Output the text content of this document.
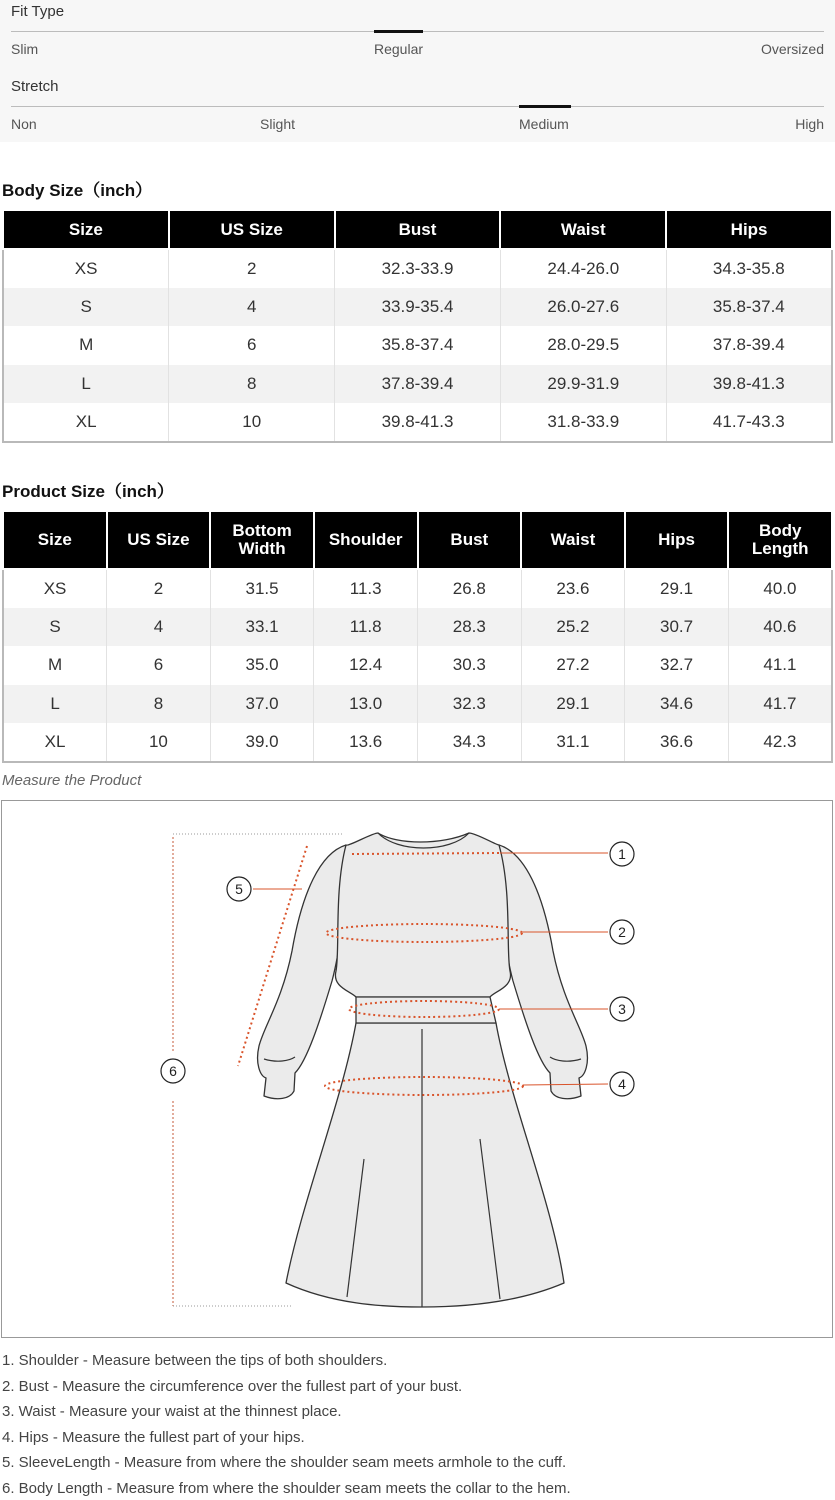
Fit Type
Slim	Regular	Oversized
Stretch
Non	Slight	Medium	High
Body Size（inch）
Size	US Size	Bust	Waist	Hips
XS	2	32.3-33.9	24.4-26.0	34.3-35.8
S	4	33.9-35.4	26.0-27.6	35.8-37.4
M	6	35.8-37.4	28.0-29.5	37.8-39.4
L	8	37.8-39.4	29.9-31.9	39.8-41.3
XL	10	39.8-41.3	31.8-33.9	41.7-43.3
Product Size（inch）
Size	US Size	Bottom Width	Shoulder	Bust	Waist	Hips	Body Length
XS	2	31.5	11.3	26.8	23.6	29.1	40.0
S	4	33.1	11.8	28.3	25.2	30.7	40.6
M	6	35.0	12.4	30.3	27.2	32.7	41.1
L	8	37.0	13.0	32.3	29.1	34.6	41.7
XL	10	39.0	13.6	34.3	31.1	36.6	42.3
Measure the Product
1
2
3
4
5
6
1. Shoulder - Measure between the tips of both shoulders.
2. Bust - Measure the circumference over the fullest part of your bust.
3. Waist - Measure your waist at the thinnest place.
4. Hips - Measure the fullest part of your hips.
5. SleeveLength - Measure from where the shoulder seam meets armhole to the cuff.
6. Body Length - Measure from where the shoulder seam meets the collar to the hem.
